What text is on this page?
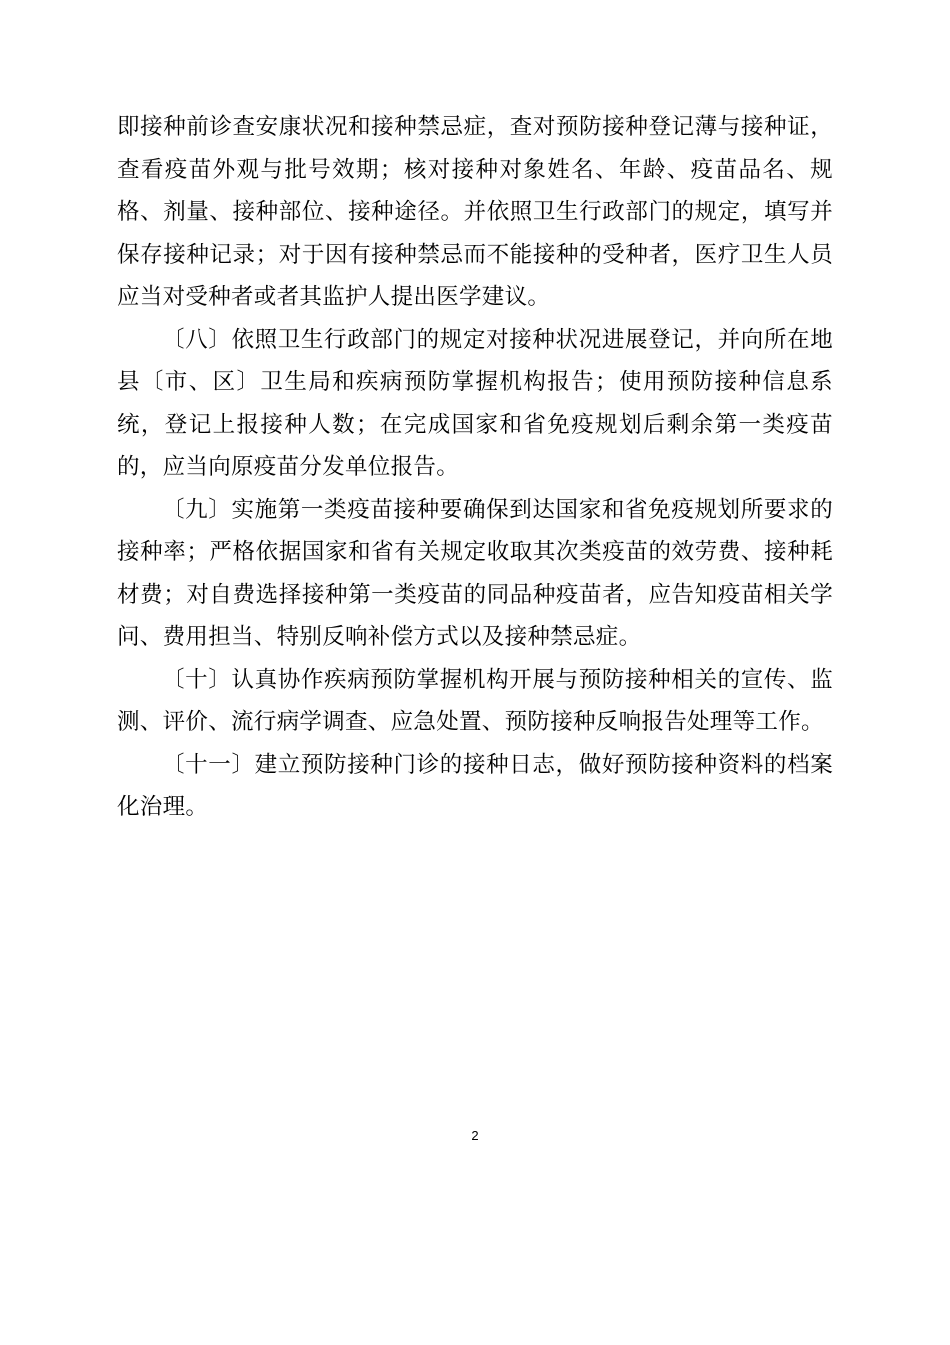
即接种前诊查安康状况和接种禁忌症，查对预防接种登记薄与接种证，查看疫苗外观与批号效期；核对接种对象姓名、年龄、疫苗品名、规格、剂量、接种部位、接种途径。并依照卫生行政部门的规定，填写并保存接种记录；对于因有接种禁忌而不能接种的受种者，医疗卫生人员应当对受种者或者其监护人提出医学建议。

〔八〕依照卫生行政部门的规定对接种状况进展登记，并向所在地县〔市、区〕卫生局和疾病预防掌握机构报告；使用预防接种信息系统，登记上报接种人数；在完成国家和省免疫规划后剩余第一类疫苗的，应当向原疫苗分发单位报告。

〔九〕实施第一类疫苗接种要确保到达国家和省免疫规划所要求的接种率；严格依据国家和省有关规定收取其次类疫苗的效劳费、接种耗材费；对自费选择接种第一类疫苗的同品种疫苗者，应告知疫苗相关学问、费用担当、特别反响补偿方式以及接种禁忌症。

〔十〕认真协作疾病预防掌握机构开展与预防接种相关的宣传、监测、评价、流行病学调查、应急处置、预防接种反响报告处理等工作。

〔十一〕建立预防接种门诊的接种日志，做好预防接种资料的档案化治理。

2
